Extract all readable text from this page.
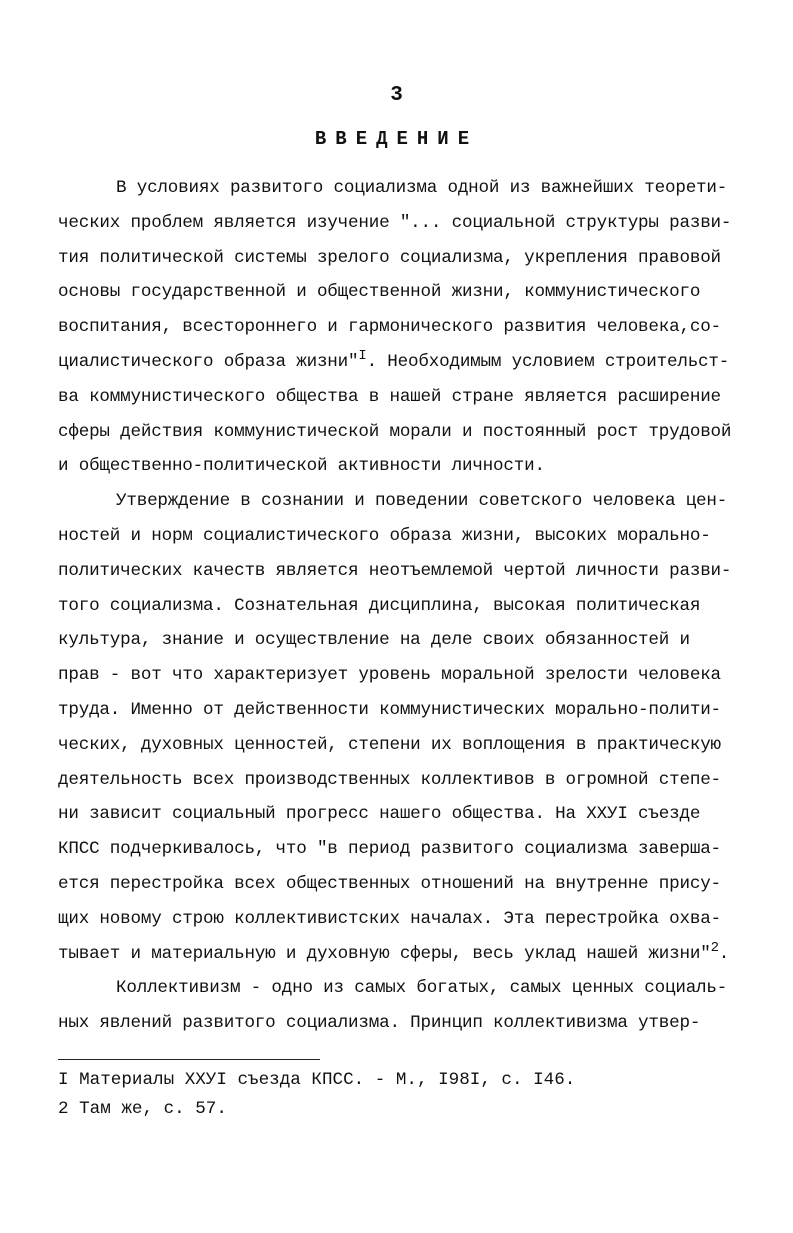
3
ВВЕДЕНИЕ
В условиях развитого социализма одной из важнейших теорети-
ческих проблем является изучение "... социальной структуры разви-
тия политической системы зрелого социализма, укрепления правовой
основы государственной и общественной жизни, коммунистического
воспитания, всестороннего и гармонического развития человека,со-
циалистического образа жизни"$^I$. Необходимым условием строительст-
ва коммунистического общества в нашей стране является расширение
сферы действия коммунистической морали и постоянный рост трудовой
и общественно-политической активности личности.
Утверждение в сознании и поведении советского человека цен-
ностей и норм социалистического образа жизни, высоких морально-
политических качеств является неотъемлемой чертой личности разви-
того социализма. Сознательная дисциплина, высокая политическая
культура, знание и осуществление на деле своих обязанностей и
прав - вот что характеризует уровень моральной зрелости человека
труда. Именно от действенности коммунистических морально-полити-
ческих, духовных ценностей, степени их воплощения в практическую
деятельность всех производственных коллективов в огромной степе-
ни зависит социальный прогресс нашего общества. На ХХУI съезде
КПСС подчеркивалось, что "в период развитого социализма заверша-
ется перестройка всех общественных отношений на внутренне прису-
щих новому строю коллективистских началах. Эта перестройка охва-
тывает и материальную и духовную сферы, весь уклад нашей жизни"$^2$.
Коллективизм - одно из самых богатых, самых ценных социаль-
ных явлений развитого социализма. Принцип коллективизма утвер-
I Материалы ХХУI съезда КПСС. - М., I98I, с. I46.
2 Там же, с. 57.
